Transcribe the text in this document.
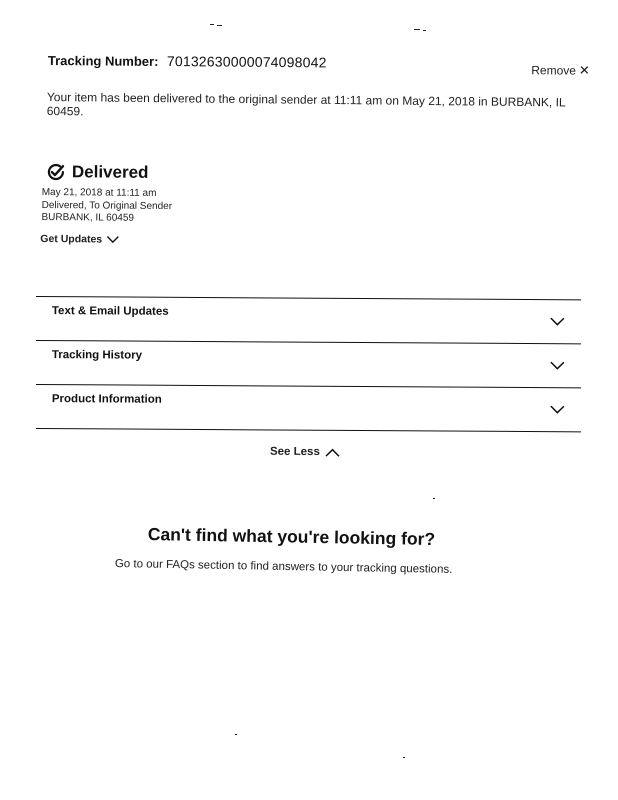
Tracking Number: 70132630000074098042	Remove ✕
Your item has been delivered to the original sender at 11:11 am on May 21, 2018 in BURBANK, IL 60459.
Delivered
May 21, 2018 at 11:11 am
Delivered, To Original Sender
BURBANK, IL 60459
Get Updates
Text & Email Updates
Tracking History
Product Information
See Less
Can't find what you're looking for?
Go to our FAQs section to find answers to your tracking questions.
